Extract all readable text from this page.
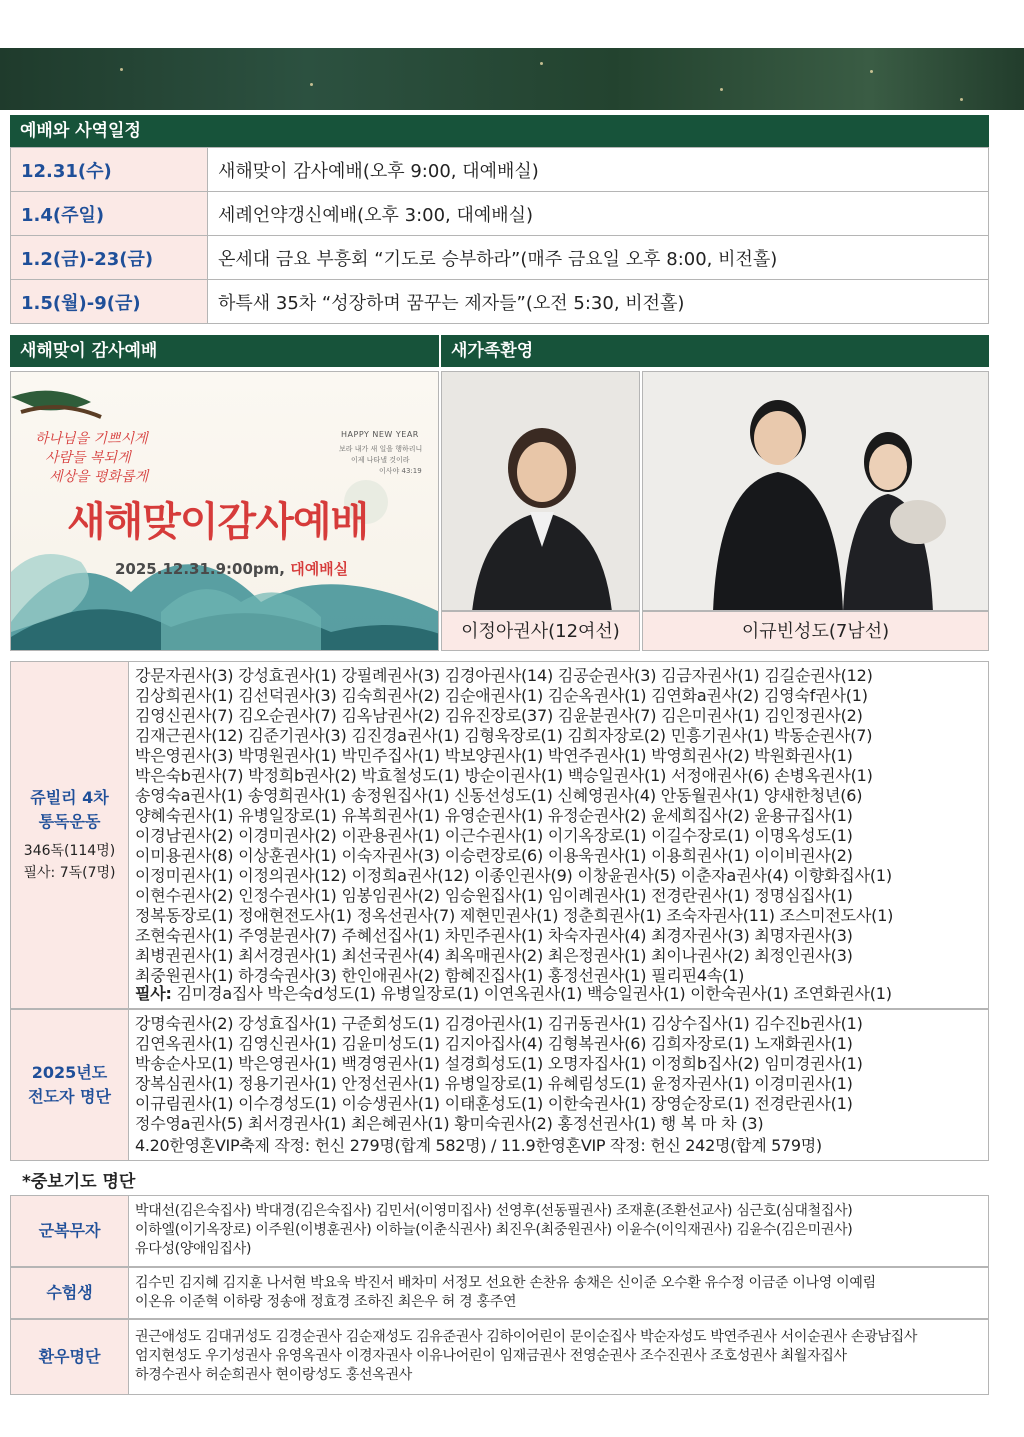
예배와 사역일정
12.31(수)	새해맞이 감사예배(오후 9:00, 대예배실)
1.4(주일)	세례언약갱신예배(오후 3:00, 대예배실)
1.2(금)-23(금)	온세대 금요 부흥회 “기도로 승부하라”(매주 금요일 오후 8:00, 비전홀)
1.5(월)-9(금)	하특새 35차 “성장하며 꿈꾸는 제자들”(오전 5:30, 비전홀)
새해맞이 감사예배	새가족환영
하나님을 기쁘시게
사람들 복되게
세상을 평화롭게
HAPPY NEW YEAR
보라 내가 새 일을 행하리니
이제 나타낼 것이라
이사야 43:19
새해맞이감사예배
2025.12.31.9:00pm, 대예배실
이정아권사(12여선)	이규빈성도(7남선)
쥬빌리 4차
통독운동
346독(114명)
필사: 7독(7명)
강문자권사(3) 강성효권사(1) 강필례권사(3) 김경아권사(14) 김공순권사(3) 김금자권사(1) 김길순권사(12)
김상희권사(1) 김선덕권사(3) 김숙희권사(2) 김순애권사(1) 김순옥권사(1) 김연화a권사(2) 김영숙f권사(1)
김영신권사(7) 김오순권사(7) 김옥남권사(2) 김유진장로(37) 김윤분권사(7) 김은미권사(1) 김인정권사(2)
김재근권사(12) 김준기권사(3) 김진경a권사(1) 김형욱장로(1) 김희자장로(2) 민흥기권사(1) 박동순권사(7)
박은영권사(3) 박명원권사(1) 박민주집사(1) 박보양권사(1) 박연주권사(1) 박영희권사(2) 박원화권사(1)
박은숙b권사(7) 박정희b권사(2) 박효철성도(1) 방순이권사(1) 백승일권사(1) 서정애권사(6) 손병옥권사(1)
송영숙a권사(1) 송영희권사(1) 송정원집사(1) 신동선성도(1) 신혜영권사(4) 안동월권사(1) 양새한청년(6)
양혜숙권사(1) 유병일장로(1) 유복희권사(1) 유영순권사(1) 유정순권사(2) 윤세희집사(2) 윤용규집사(1)
이경남권사(2) 이경미권사(2) 이관용권사(1) 이근수권사(1) 이기옥장로(1) 이길수장로(1) 이명옥성도(1)
이미용권사(8) 이상훈권사(1) 이숙자권사(3) 이승련장로(6) 이용욱권사(1) 이용희권사(1) 이이비권사(2)
이정미권사(1) 이정의권사(12) 이정희a권사(12) 이종인권사(9) 이창윤권사(5) 이춘자a권사(4) 이향화집사(1)
이현수권사(2) 인정수권사(1) 임봉임권사(2) 임승원집사(1) 임이례권사(1) 전경란권사(1) 정명심집사(1)
정복동장로(1) 정애현전도사(1) 정옥선권사(7) 제현민권사(1) 정춘희권사(1) 조숙자권사(11) 조스미전도사(1)
조현숙권사(1) 주영분권사(7) 주혜선집사(1) 차민주권사(1) 차숙자권사(4) 최경자권사(3) 최명자권사(3)
최병권권사(1) 최서경권사(1) 최선국권사(4) 최옥매권사(2) 최은정권사(1) 최이나권사(2) 최정인권사(3)
최중원권사(1) 하경숙권사(3) 한인애권사(2) 함혜진집사(1) 홍정선권사(1) 필리핀4속(1)
필사: 김미경a집사 박은숙d성도(1) 유병일장로(1) 이연옥권사(1) 백승일권사(1) 이한숙권사(1) 조연화권사(1)
2025년도
전도자 명단
강명숙권사(2) 강성효집사(1) 구준회성도(1) 김경아권사(1) 김귀동권사(1) 김상수집사(1) 김수진b권사(1)
김연옥권사(1) 김영신권사(1) 김윤미성도(1) 김지아집사(4) 김형복권사(6) 김희자장로(1) 노재화권사(1)
박송순사모(1) 박은영권사(1) 백경영권사(1) 설경희성도(1) 오명자집사(1) 이정희b집사(2) 임미경권사(1)
장복심권사(1) 정용기권사(1) 안정선권사(1) 유병일장로(1) 유혜림성도(1) 윤정자권사(1) 이경미권사(1)
이규림권사(1) 이수경성도(1) 이승생권사(1) 이태훈성도(1) 이한숙권사(1) 장영순장로(1) 전경란권사(1)
정수영a권사(5) 최서경권사(1) 최은혜권사(1) 황미숙권사(2) 홍정선권사(1) 행 복 마 차 (3)
4.20한영혼VIP축제 작정: 헌신 279명(합계 582명) / 11.9한영혼VIP 작정: 헌신 242명(합계 579명)
*중보기도 명단
군복무자
박대선(김은숙집사) 박대경(김은숙집사) 김민서(이영미집사) 선영후(선동필권사) 조재훈(조환선교사) 심근호(심대철집사)
이하엘(이기옥장로) 이주원(이병훈권사) 이하늘(이춘식권사) 최진우(최중원권사) 이윤수(이익재권사) 김윤수(김은미권사)
유다성(양애임집사)
수험생	김수민 김지혜 김지훈 나서현 박요욱 박진서 배차미 서정모 선요한 손찬유 송채은 신이준 오수환 유수정 이금준 이나영 이예림
이온유 이준혁 이하랑 정송애 정효경 조하진 최은우 허 경 홍주연
환우명단
권근애성도 김대귀성도 김경순권사 김순재성도 김유준권사 김하이어린이 문이순집사 박순자성도 박연주권사 서이순권사 손광남집사
엄지현성도 우기성권사 유영옥권사 이경자권사 이유나어린이 임재금권사 전영순권사 조수진권사 조호성권사 최월자집사
하경수권사 허순희권사 현이랑성도 홍선옥권사
